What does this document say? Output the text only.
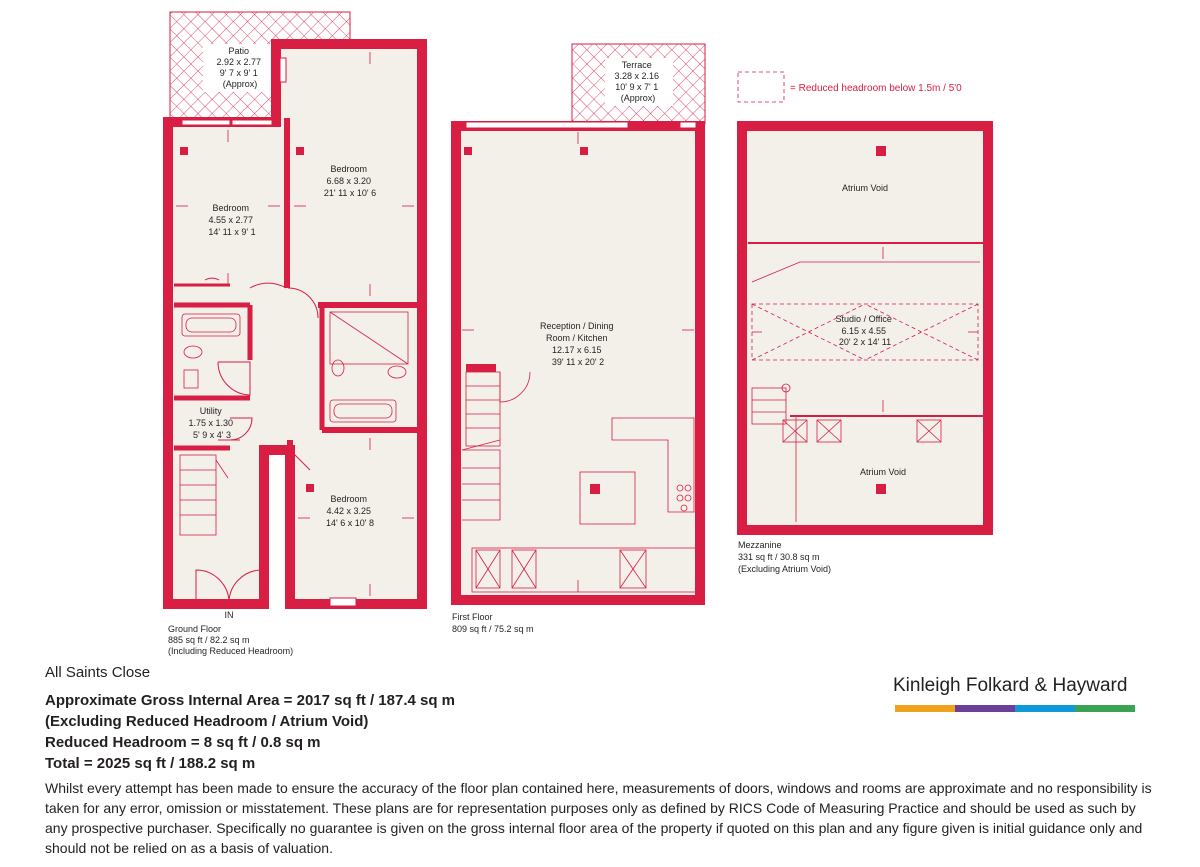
Patio 2.92 x 2.77 9' 7 x 9' 1 (Approx)
Bedroom 6.68 x 3.20 21' 11 x 10' 6
Bedroom 4.55 x 2.77 14' 11 x 9' 1
Utility 1.75 x 1.30 5' 9 x 4' 3
Bedroom 4.42 x 3.25 14' 6 x 10' 8
IN
Ground Floor 885 sq ft / 82.2 sq m (Including Reduced Headroom)
Terrace 3.28 x 2.16 10' 9 x 7' 1 (Approx)
Reception / Dining Room / Kitchen 12.17 x 6.15 39' 11 x 20' 2
First Floor 809 sq ft / 75.2 sq m
Atrium Void
Studio / Office 6.15 x 4.55 20' 2 x 14' 11
Atrium Void
Mezzanine 331 sq ft / 30.8 sq m (Excluding Atrium Void)
= Reduced headroom below 1.5m / 5'0
All Saints Close
Approximate Gross Internal Area = 2017 sq ft / 187.4 sq m
(Excluding Reduced Headroom / Atrium Void)
Reduced Headroom = 8 sq ft / 0.8 sq m
Total = 2025 sq ft / 188.2 sq m
Kinleigh Folkard & Hayward
Whilst every attempt has been made to ensure the accuracy of the floor plan contained here, measurements of doors, windows and rooms are approximate and no responsibility is taken for any error, omission or misstatement. These plans are for representation purposes only as defined by RICS Code of Measuring Practice and should be used as such by any prospective purchaser. Specifically no guarantee is given on the gross internal floor area of the property if quoted on this plan and any figure given is initial guidance only and should not be relied on as a basis of valuation.
